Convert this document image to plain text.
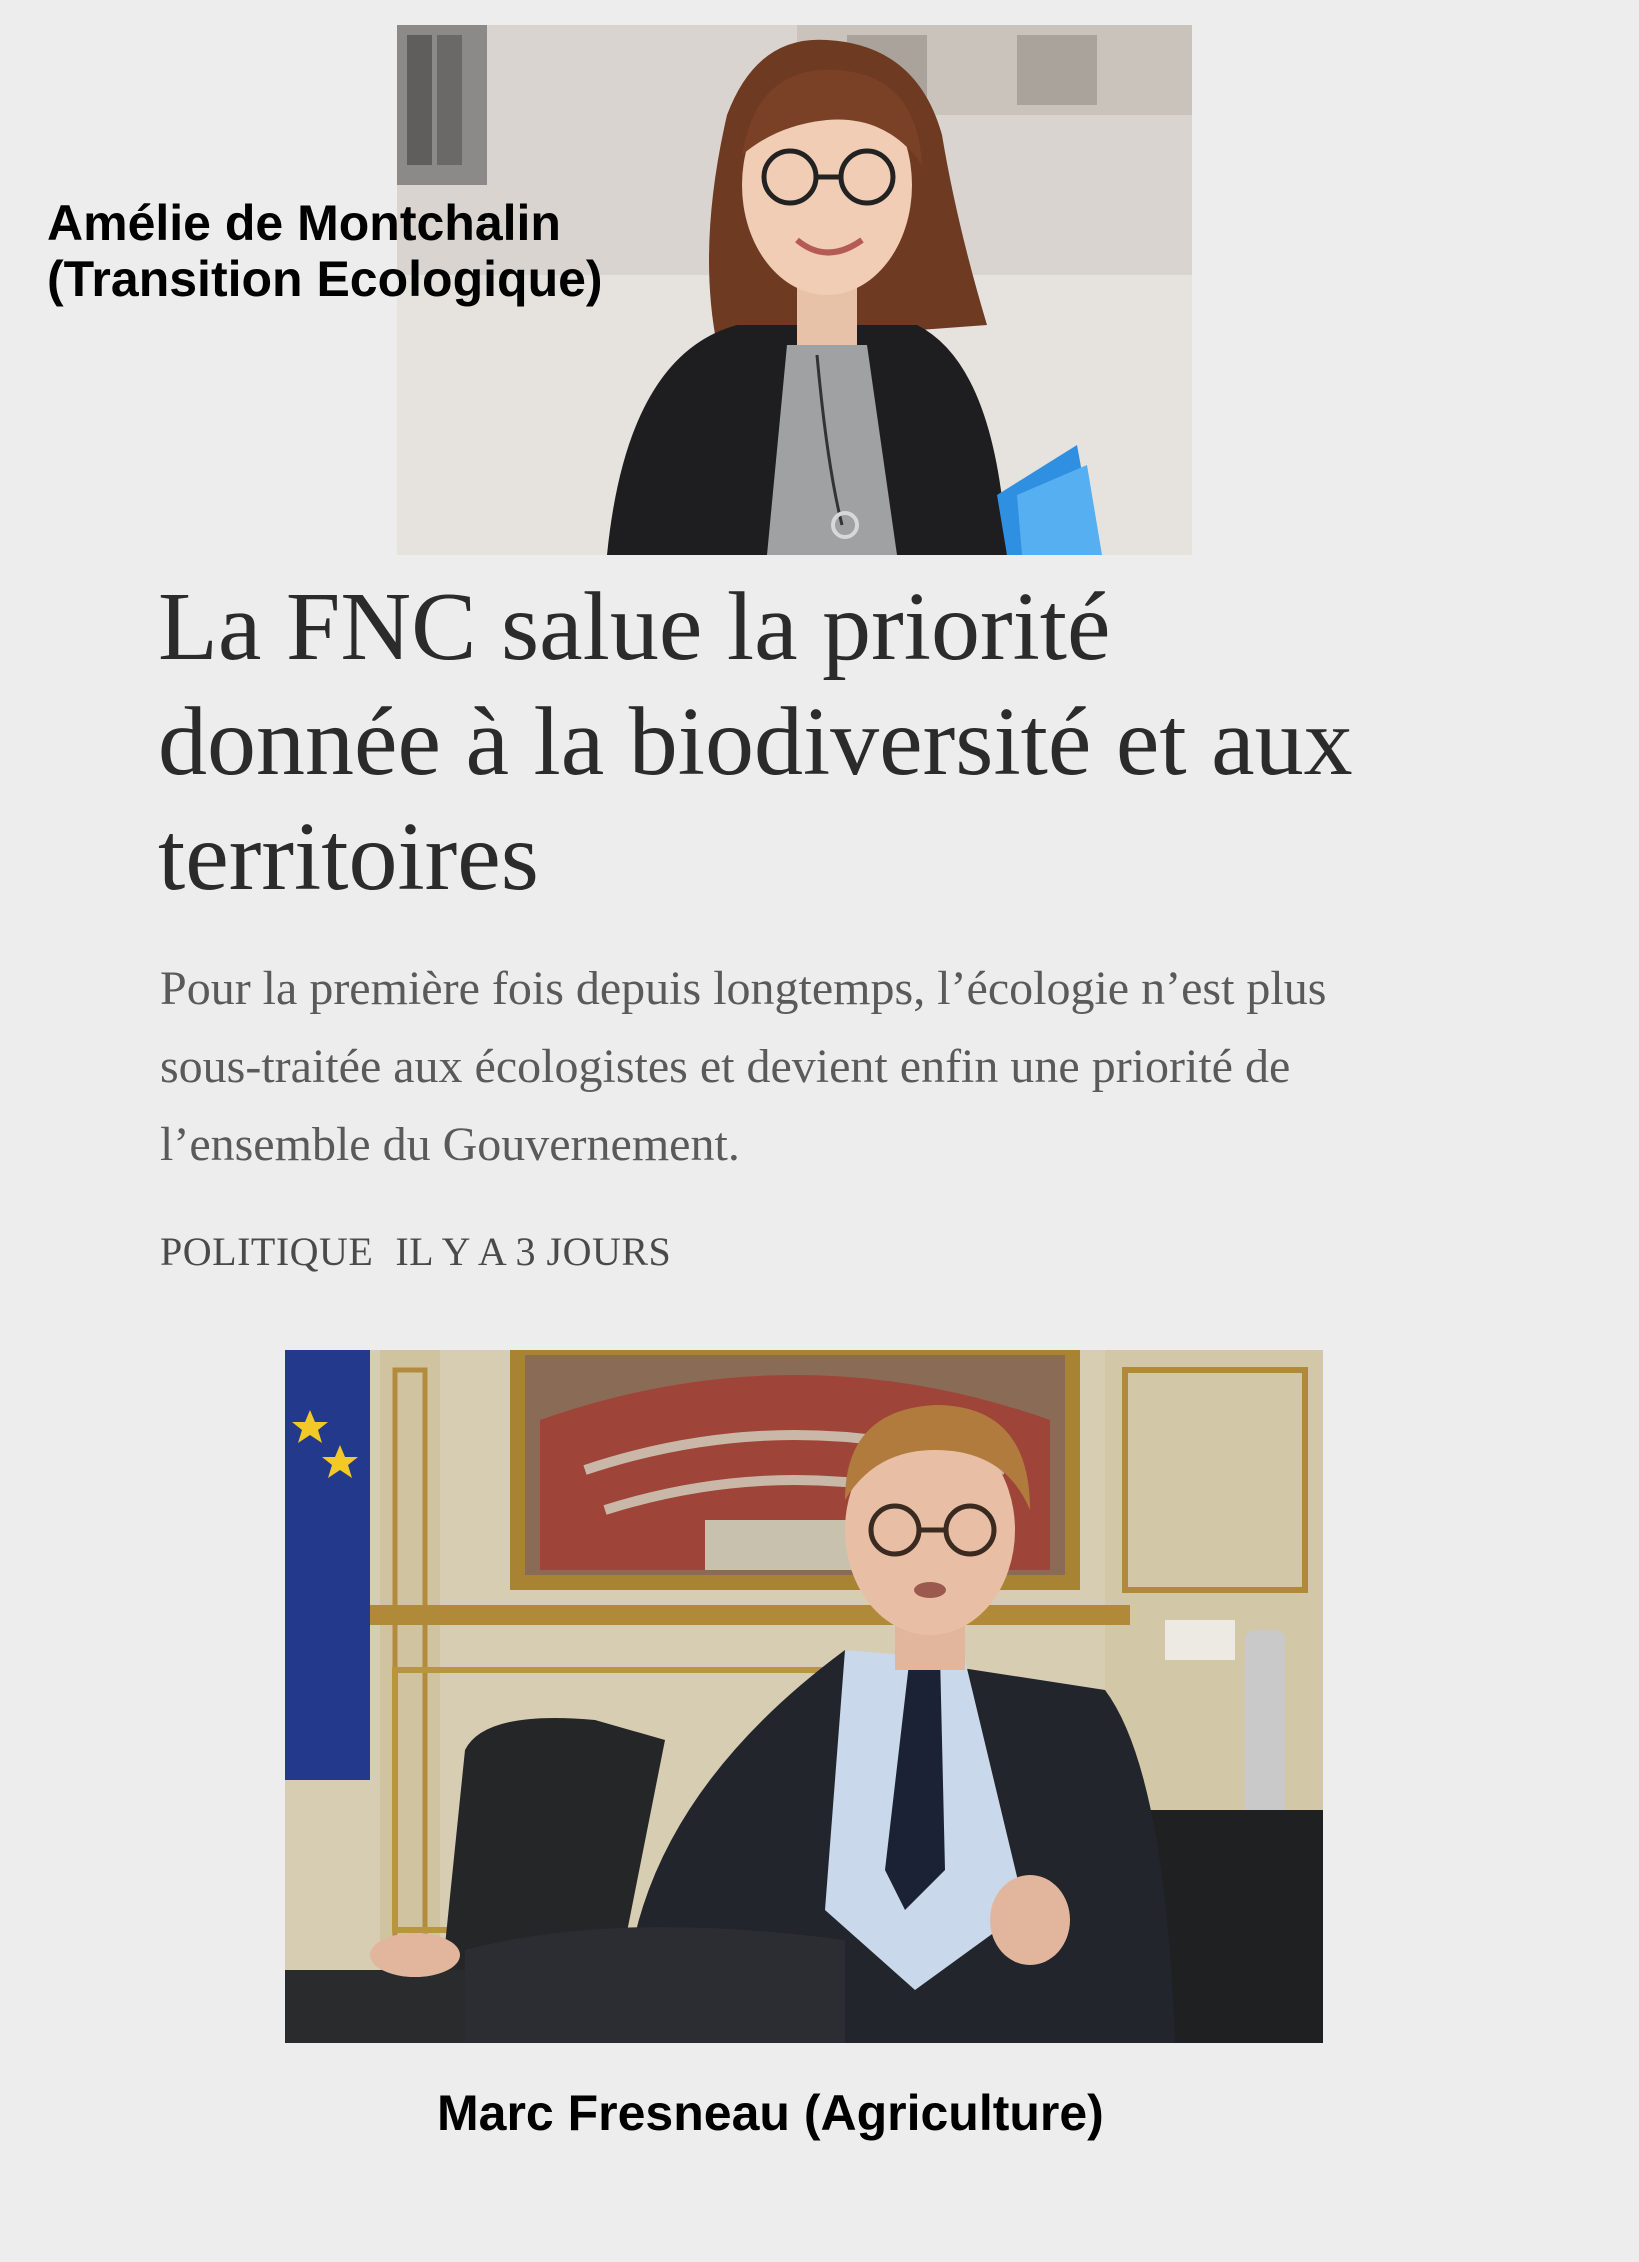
Amélie de Montchalin (Transition Ecologique)

La FNC salue la priorité donnée à la biodiversité et aux territoires

Pour la première fois depuis longtemps, l’écologie n’est plus sous-traitée aux écologistes et devient enfin une priorité de l’ensemble du Gouvernement.

POLITIQUE IL Y A 3 JOURS

Marc Fresneau (Agriculture)
